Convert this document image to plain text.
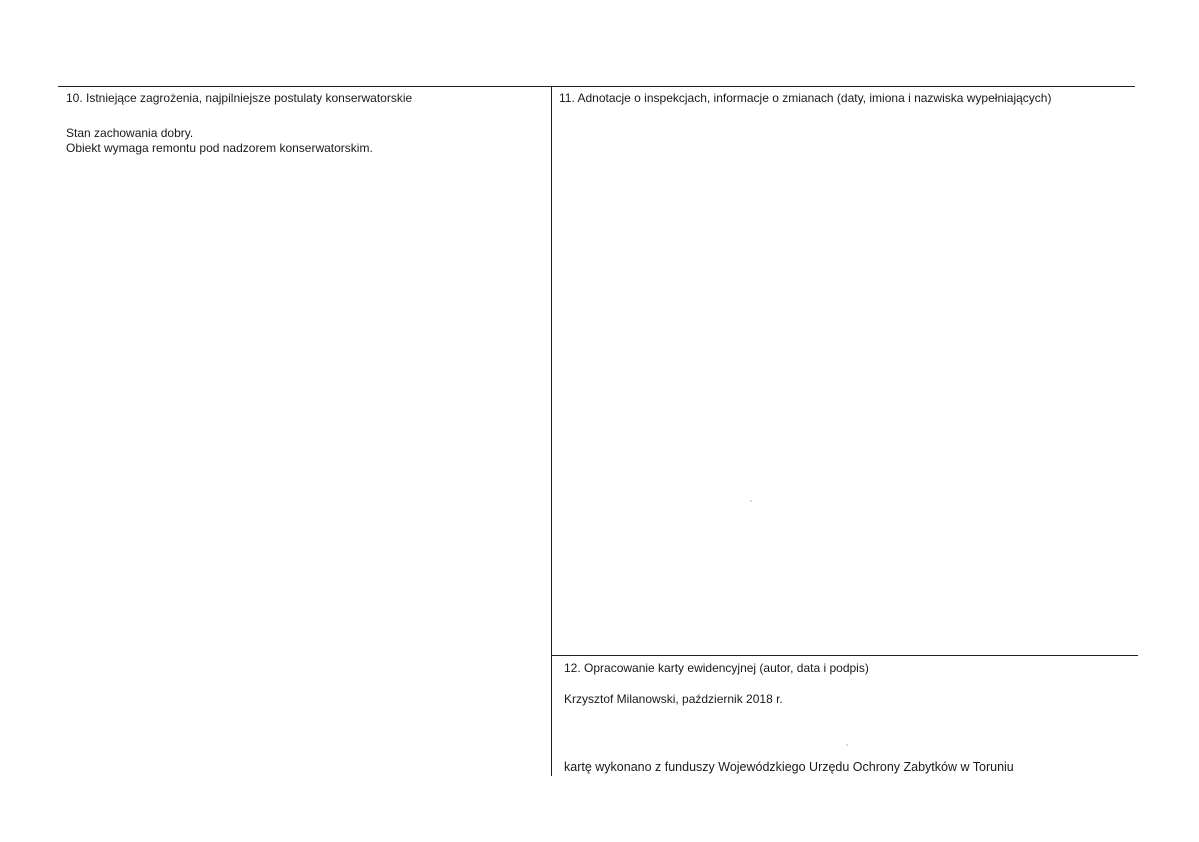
10. Istniejące zagrożenia, najpilniejsze postulaty konserwatorskie
Stan zachowania dobry.
Obiekt wymaga remontu pod nadzorem konserwatorskim.
11. Adnotacje o inspekcjach, informacje o zmianach (daty, imiona i nazwiska wypełniających)
12. Opracowanie karty ewidencyjnej (autor, data i podpis)
Krzysztof Milanowski, październik 2018 r.
kartę wykonano z funduszy Wojewódzkiego Urzędu Ochrony Zabytków w Toruniu
